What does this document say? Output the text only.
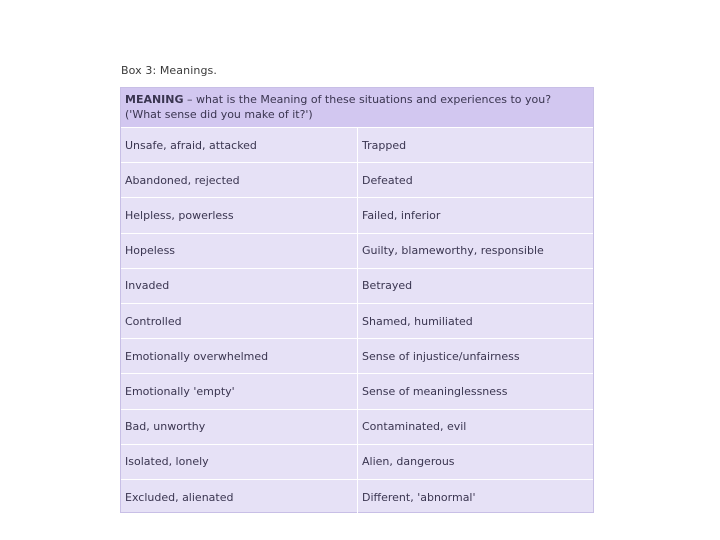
Box 3: Meanings.
MEANING – what is the Meaning of these situations and experiences to you?
('What sense did you make of it?')
Unsafe, afraid, attacked	Trapped
Abandoned, rejected	Defeated
Helpless, powerless	Failed, inferior
Hopeless	Guilty, blameworthy, responsible
Invaded	Betrayed
Controlled	Shamed, humiliated
Emotionally overwhelmed	Sense of injustice/unfairness
Emotionally 'empty'	Sense of meaninglessness
Bad, unworthy	Contaminated, evil
Isolated, lonely	Alien, dangerous
Excluded, alienated	Different, 'abnormal'
